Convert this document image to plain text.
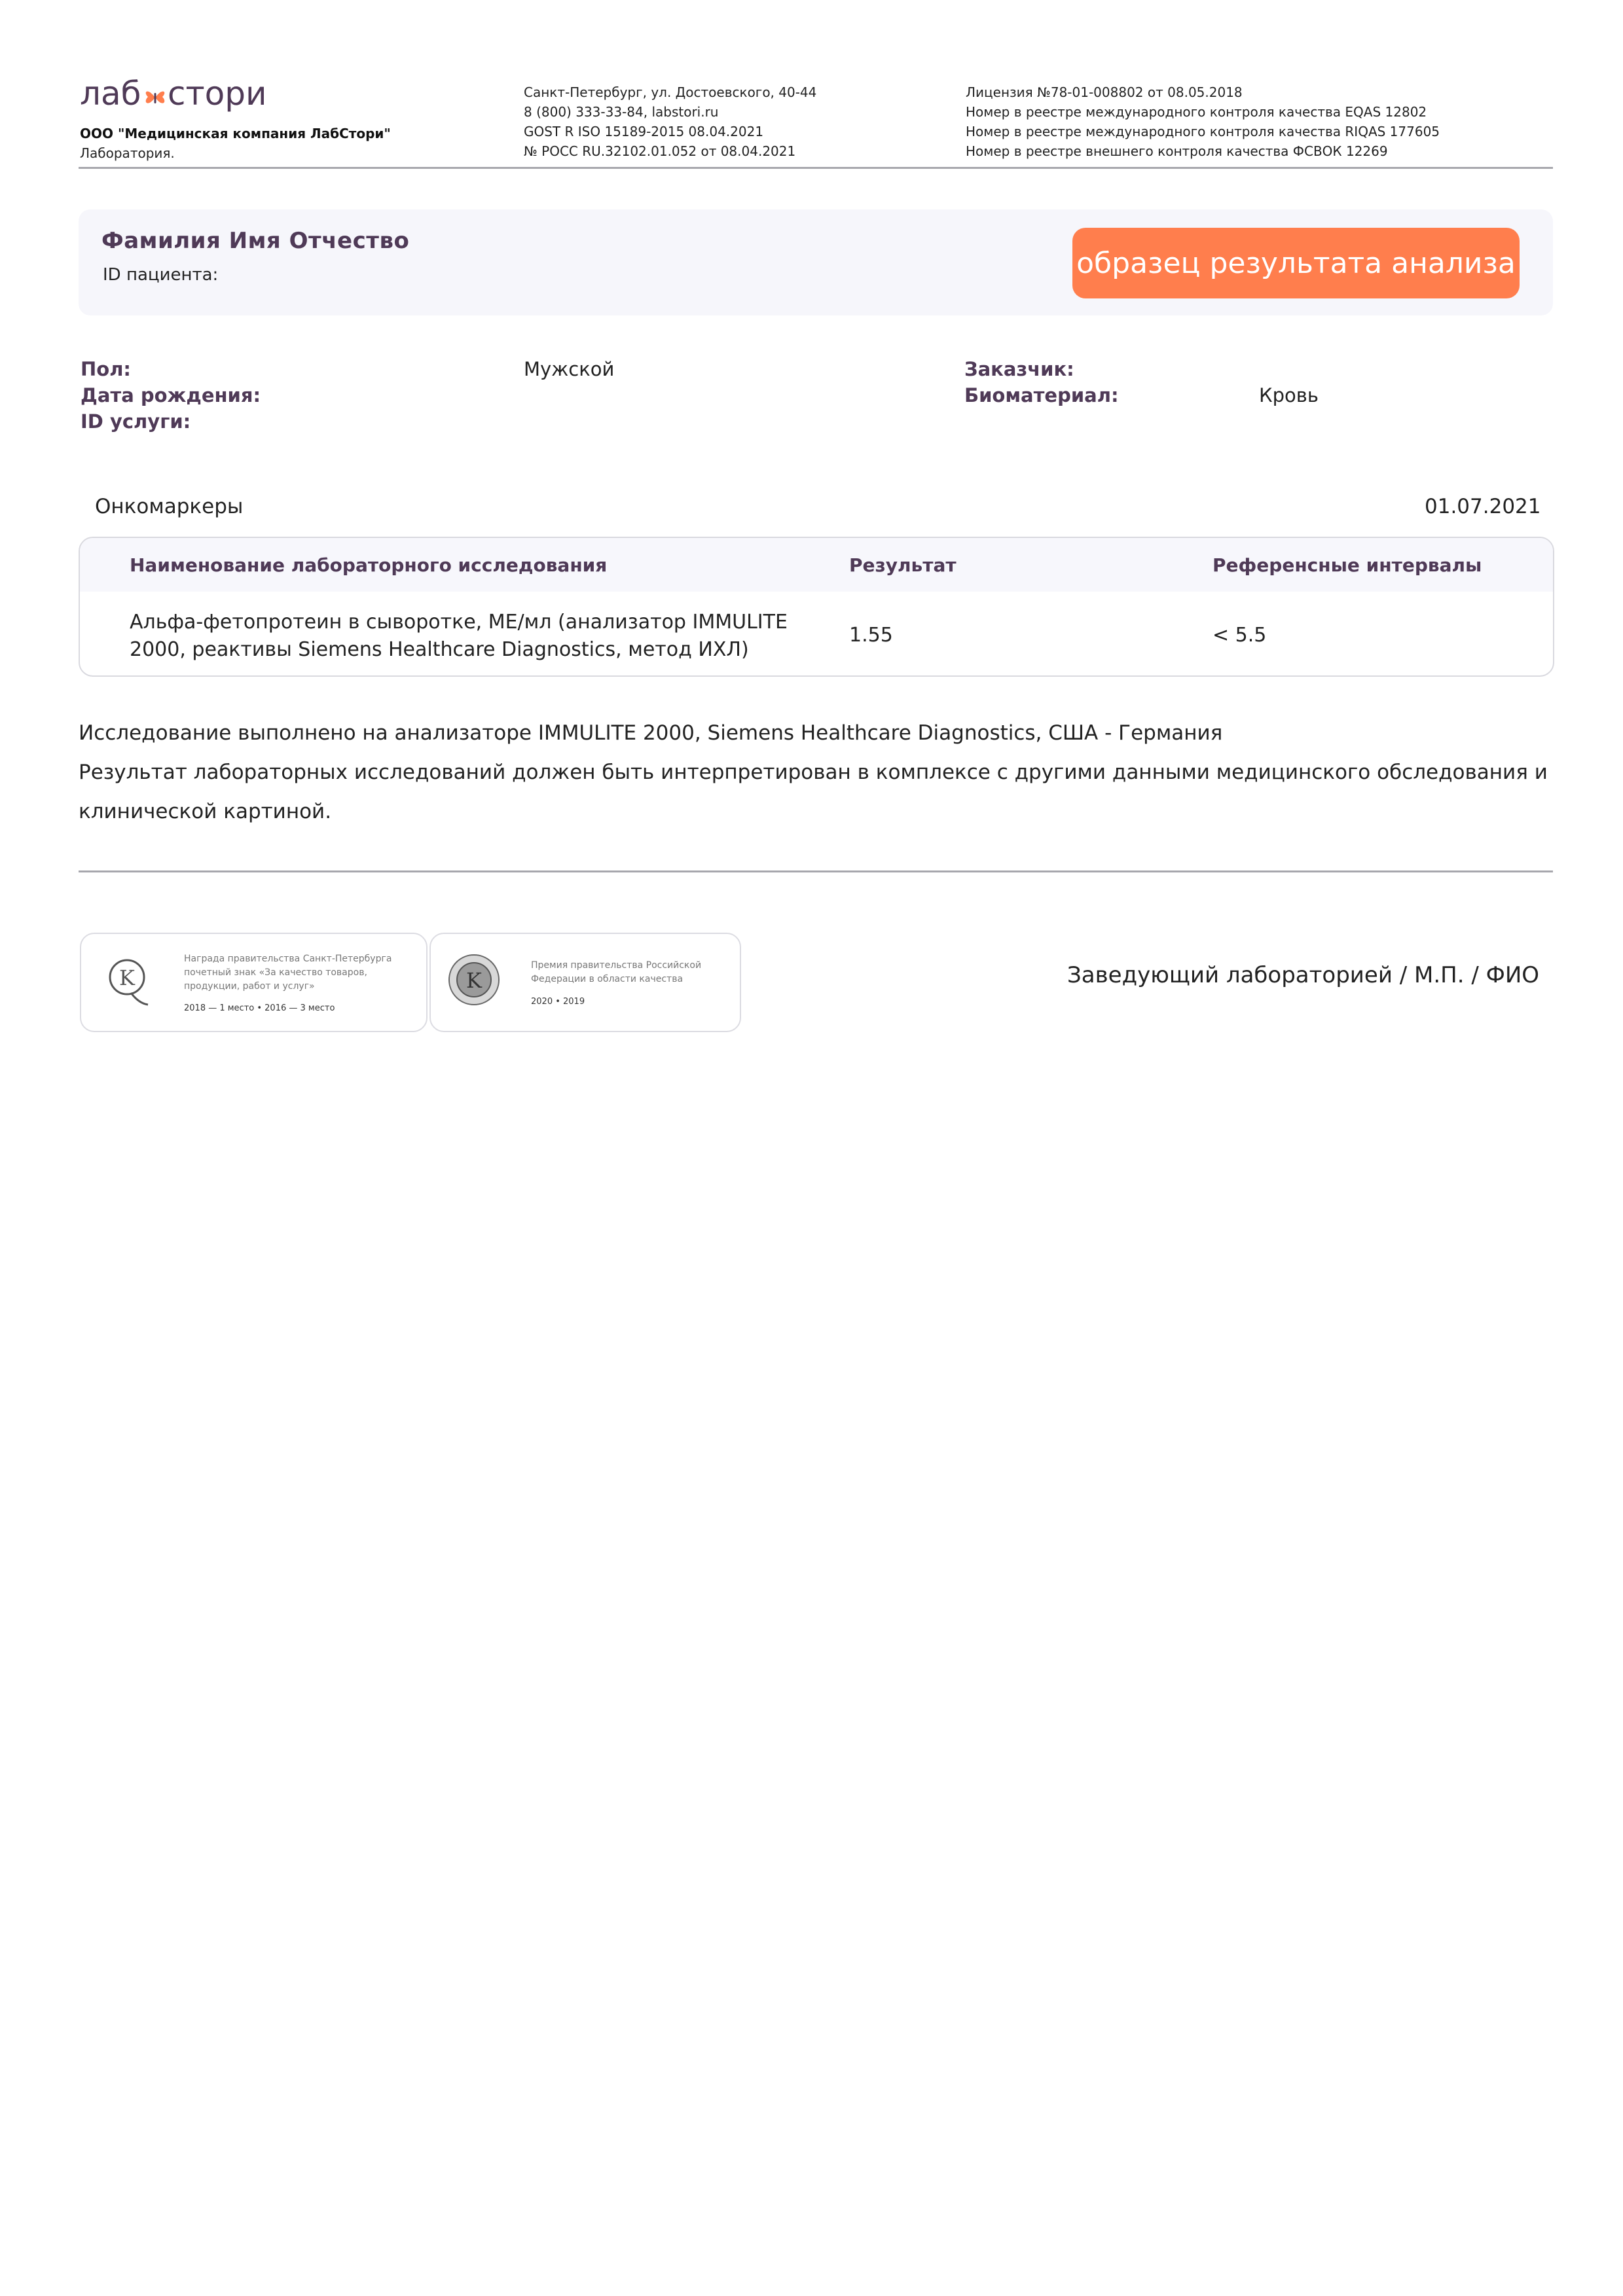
лаб стори
ООО "Медицинская компания ЛабСтори"
Лаборатория.
Санкт-Петербург, ул. Достоевского, 40-44
8 (800) 333-33-84, labstori.ru
GOST R ISO 15189-2015 08.04.2021
№ РОСС RU.32102.01.052 от 08.04.2021
Лицензия №78-01-008802 от 08.05.2018
Номер в реестре международного контроля качества EQAS 12802
Номер в реестре международного контроля качества RIQAS 177605
Номер в реестре внешнего контроля качества ФСВОК 12269
Фамилия Имя Отчество
ID пациента:	образец результата анализа
Пол:	Мужской
Дата рождения:
ID услуги:
Заказчик:
Биоматериал:	Кровь
Онкомаркеры	01.07.2021
Наименование лабораторного исследования	Результат	Референсные интервалы
Альфа-фетопротеин в сыворотке, МЕ/мл (анализатор IMMULITE
2000, реактивы Siemens Healthcare Diagnostics, метод ИХЛ)
1.55	< 5.5
Исследование выполнено на анализаторе IMMULITE 2000, Siemens Healthcare Diagnostics, США - Германия
Результат лабораторных исследований должен быть интерпретирован в комплексе с другими данными медицинского обследования и
клинической картиной.
K
Награда правительства Санкт-Петербурга
почетный знак «За качество товаров,
продукции, работ и услуг»
2018 — 1 место • 2016 — 3 место
K
Премия правительства Российской
Федерации в области качества
2020 • 2019
Заведующий лабораторией / М.П. / ФИО
